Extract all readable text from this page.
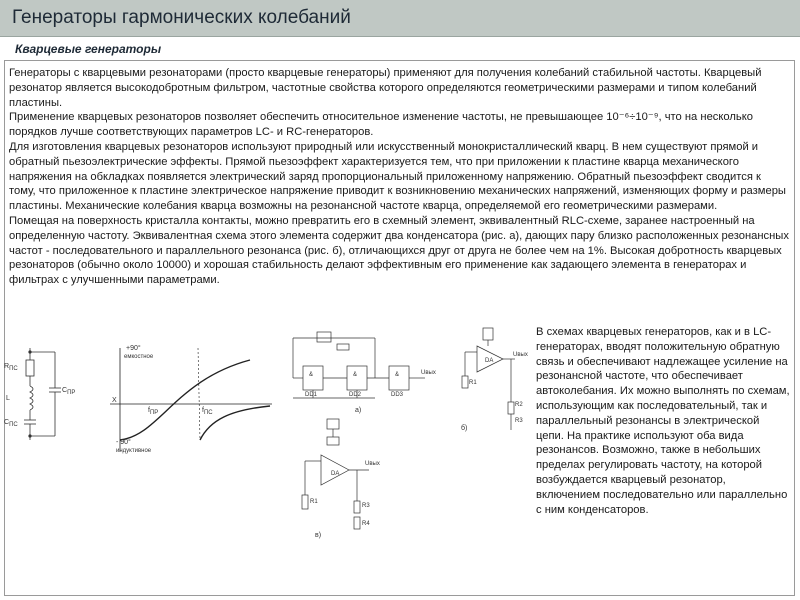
Генераторы гармонических колебаний
Кварцевые генераторы

Генераторы с кварцевыми резонаторами (просто кварцевые генераторы) применяют для получения колебаний стабильной частоты. Кварцевый резонатор является высокодобротным фильтром, частотные свойства которого определяются геометрическими размерами и типом колебаний пластины.

Применение кварцевых резонаторов позволяет обеспечить относительное изменение частоты, не превышающее 10⁻⁶÷10⁻⁹, что на несколько порядков лучше соответствующих параметров LC- и RC-генераторов.

Для изготовления кварцевых резонаторов используют природный или искусственный монокристаллический кварц. В нем существуют прямой и обратный пьезоэлектрические эффекты. Прямой пьезоэффект характеризуется тем, что при приложении к пластине кварца механического напряжения на обкладках появляется электрический заряд пропорциональный приложенному напряжению. Обратный пьезоэффект сводится к тому, что приложенное к пластине электрическое напряжение приводит к возникновению механических напряжений, изменяющих форму и размеры пластины. Механические колебания кварца возможны на резонансной частоте кварца, определяемой его геометрическими размерами.

Помещая на поверхность кристалла контакты, можно превратить его в схемный элемент, эквивалентный RLC-схеме, заранее настроенный на определенную частоту. Эквивалентная схема этого элемента содержит два конденсатора (рис. а), дающих пару близко расположенных резонансных частот - последовательного и параллельного резонанса (рис. б), отличающихся друг от друга не более чем на 1%. Высокая добротность кварцевых резонаторов (обычно около 10000) и хорошая стабильность делают эффективным его применение как задающего элемента в генераторах и фильтрах с улучшенными параметрами.

В схемах кварцевых генераторов, как и в LC-генераторах, вводят положительную обратную связь и обеспечивают надлежащее усиление на резонансной частоте, что обеспечивает автоколебания. Их можно выполнять по схемам, использующим как последовательный, так и параллельный резонансы в электрической цепи. На практике используют оба вида резонансов. Возможно, также в небольших пределах регулировать частоту, на которой возбуждается кварцевый резонатор, включением последовательно или параллельно с ним конденсаторов.
RПС
L
CПС
CПР
+90°
емкостное
- 90°
индуктивное
X
fПР	fПС
&	&	&
DD1	DD2	DD3
Uвых
а)
DA
Uвых
R1
R2
R3
б)
DA
Uвых
R1
R3
R4
в)
